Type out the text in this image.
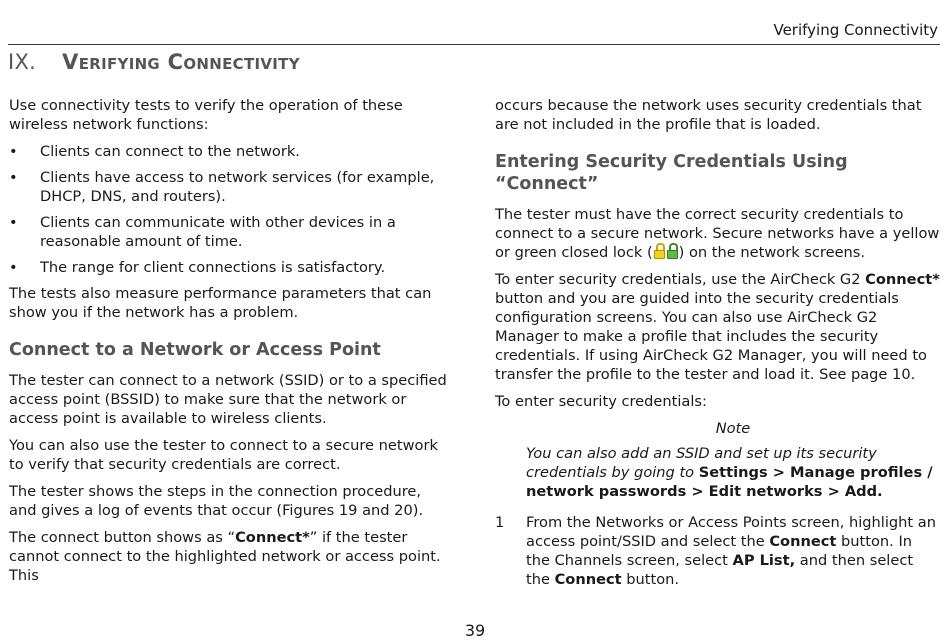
Verifying Connectivity
IX. Verifying Connectivity

Use connectivity tests to verify the operation of these wireless network functions:

• Clients can connect to the network.
• Clients have access to network services (for example, DHCP, DNS, and routers).
• Clients can communicate with other devices in a reasonable amount of time.
• The range for client connections is satisfactory.

The tests also measure performance parameters that can show you if the network has a problem.

Connect to a Network or Access Point

The tester can connect to a network (SSID) or to a specified access point (BSSID) to make sure that the network or access point is available to wireless clients.

You can also use the tester to connect to a secure network to verify that security credentials are correct.

The tester shows the steps in the connection procedure, and gives a log of events that occur (Figures 19 and 20).

The connect button shows as “Connect*” if the tester cannot connect to the highlighted network or access point. This

occurs because the network uses security credentials that are not included in the profile that is loaded.

Entering Security Credentials Using “Connect”

The tester must have the correct security credentials to connect to a secure network. Secure networks have a yellow or green closed lock ( ) on the network screens.

To enter security credentials, use the AirCheck G2 Connect* button and you are guided into the security credentials configuration screens. You can also use AirCheck G2 Manager to make a profile that includes the security credentials. If using AirCheck G2 Manager, you will need to transfer the profile to the tester and load it. See page 10.

To enter security credentials:

Note
You can also add an SSID and set up its security credentials by going to Settings > Manage profiles / network passwords > Edit networks > Add.
1 From the Networks or Access Points screen, highlight an access point/SSID and select the Connect button. In the Channels screen, select AP List, and then select the Connect button.
39
